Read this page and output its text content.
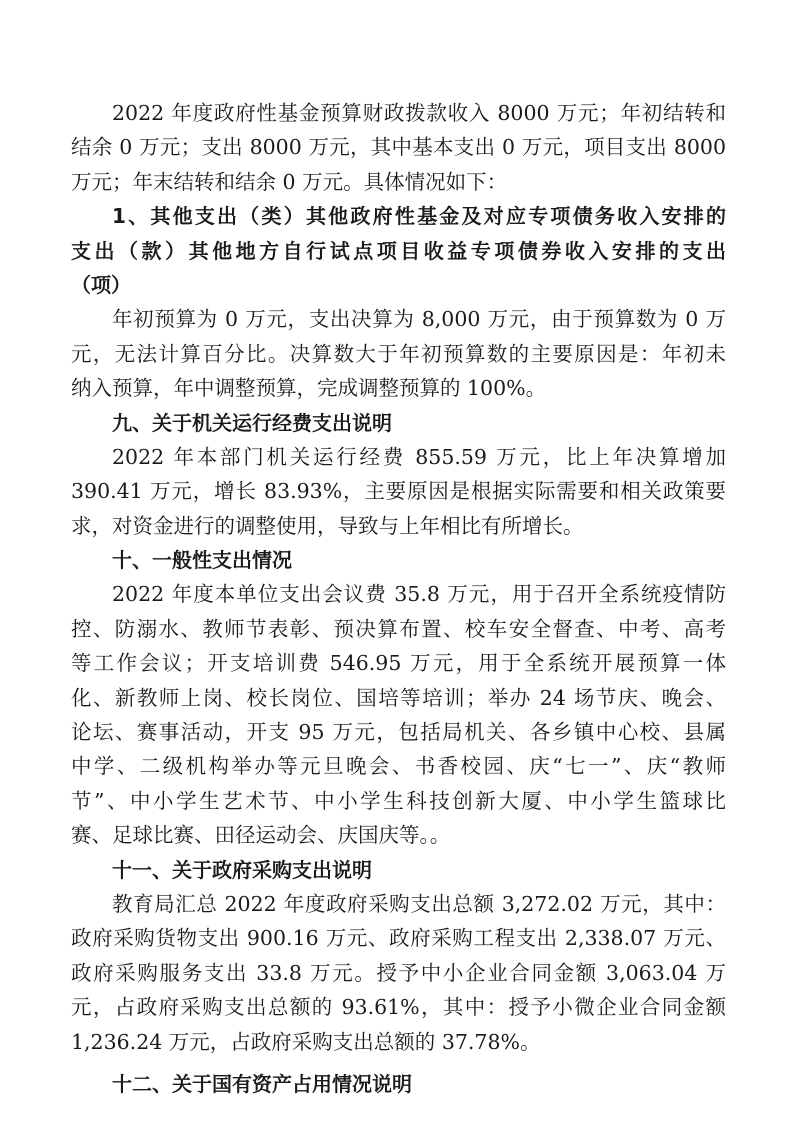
2022 年度政府性基金预算财政拨款收入 8000 万元；年初结转和
结余 0 万元；支出 8000 万元，其中基本支出 0 万元，项目支出 8000
万元；年末结转和结余 0 万元。具体情况如下：
1、其他支出（类）其他政府性基金及对应专项债务收入安排的
支出（款）其他地方自行试点项目收益专项债券收入安排的支出
（项）
年初预算为 0 万元，支出决算为 8,000 万元，由于预算数为 0 万
元，无法计算百分比。决算数大于年初预算数的主要原因是：年初未
纳入预算，年中调整预算，完成调整预算的 100%。
九、关于机关运行经费支出说明
2022 年本部门机关运行经费 855.59 万元，比上年决算增加
390.41 万元，增长 83.93%，主要原因是根据实际需要和相关政策要
求，对资金进行的调整使用，导致与上年相比有所增长。
十、一般性支出情况
2022 年度本单位支出会议费 35.8 万元，用于召开全系统疫情防
控、防溺水、教师节表彰、预决算布置、校车安全督查、中考、高考
等工作会议；开支培训费 546.95 万元，用于全系统开展预算一体
化、新教师上岗、校长岗位、国培等培训；举办 24 场节庆、晚会、
论坛、赛事活动，开支 95 万元，包括局机关、各乡镇中心校、县属
中学、二级机构举办等元旦晚会、书香校园、庆“七一”、庆“教师
节”、中小学生艺术节、中小学生科技创新大厦、中小学生篮球比
赛、足球比赛、田径运动会、庆国庆等。。
十一、关于政府采购支出说明
教育局汇总 2022 年度政府采购支出总额 3,272.02 万元，其中：
政府采购货物支出 900.16 万元、政府采购工程支出 2,338.07 万元、
政府采购服务支出 33.8 万元。授予中小企业合同金额 3,063.04 万
元，占政府采购支出总额的 93.61%，其中：授予小微企业合同金额
1,236.24 万元，占政府采购支出总额的 37.78%。
十二、关于国有资产占用情况说明
